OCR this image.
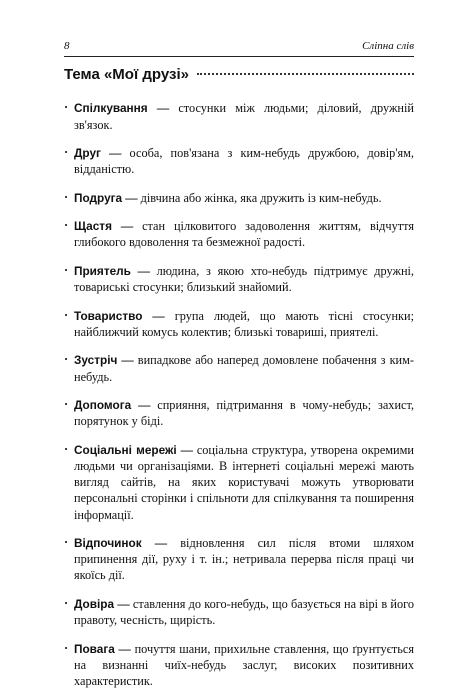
8	Сліпна слів
Тема «Мої друзі»

· Спілкування — стосунки між людьми; діловий, дружній зв'язок.

· Друг — особа, пов'язана з ким-небудь дружбою, довір'ям, відданістю.

· Подруга — дівчина або жінка, яка дружить із ким-небудь.

· Щастя — стан цілковитого задоволення життям, відчуття глибокого вдоволення та безмежної радості.

· Приятель — людина, з якою хто-небудь підтримує дружні, товариські стосунки; близький знайомий.

· Товариство — група людей, що мають тісні стосунки; найближчий комусь колектив; близькі товариші, приятелі.

· Зустріч — випадкове або наперед домовлене побачення з ким-небудь.

· Допомога — сприяння, підтримання в чому-небудь; захист, порятунок у біді.

· Соціальні мережі — соціальна структура, утворена окремими людьми чи організаціями. В інтернеті соціальні мережі мають вигляд сайтів, на яких користувачі можуть утворювати персональні сторінки і спільноти для спілкування та поширення інформації.

· Відпочинок — відновлення сил після втоми шляхом припинення дії, руху і т. ін.; нетривала перерва після праці чи якоїсь дії.

· Довіра — ставлення до кого-небудь, що базується на вірі в його правоту, чесність, щирість.

· Повага — почуття шани, прихильне ставлення, що ґрунтується на визнанні чиїх-небудь заслуг, високих позитивних характеристик.
